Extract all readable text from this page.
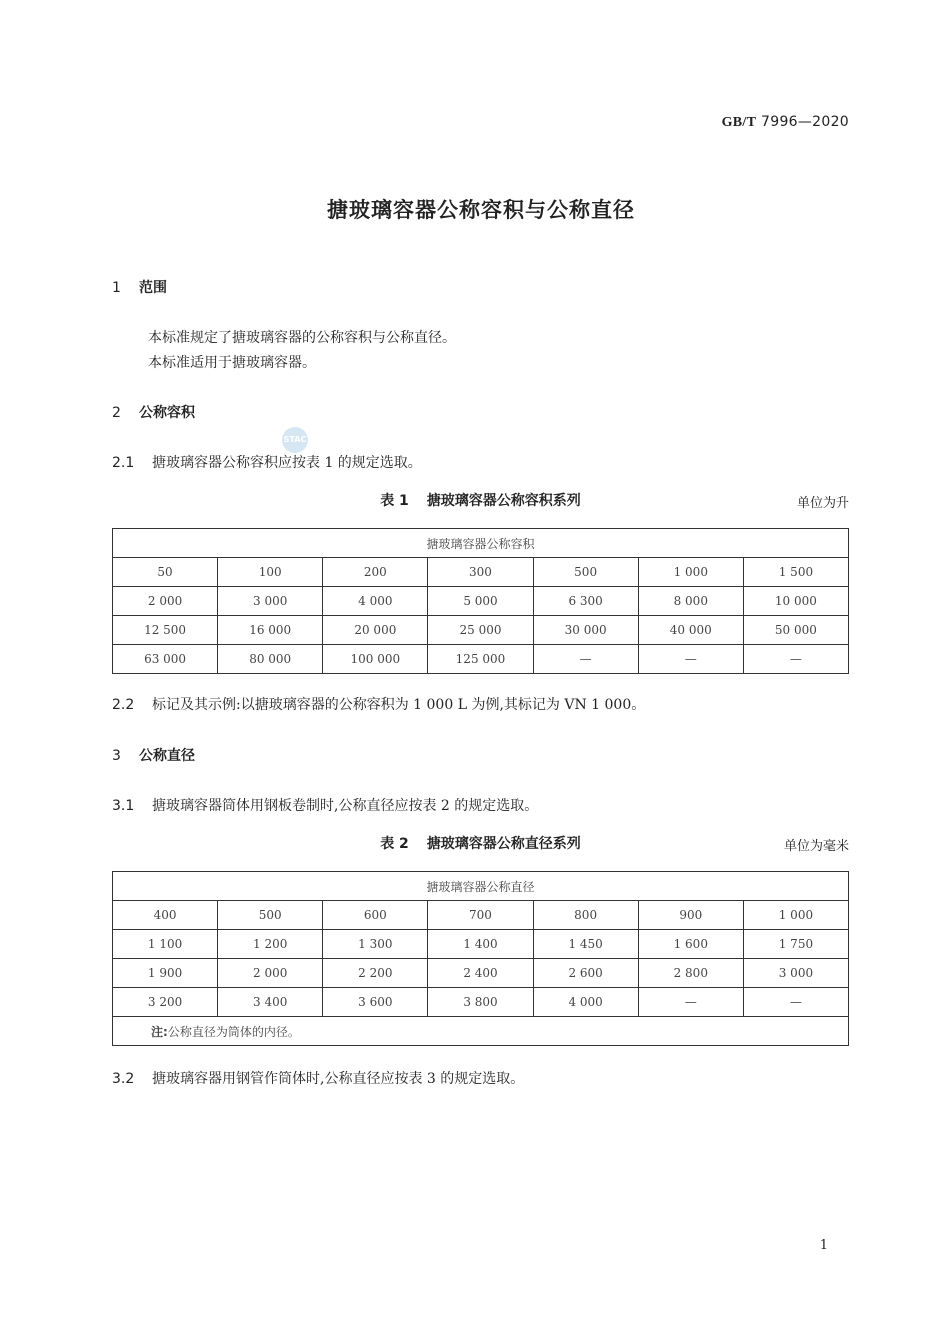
GB/T 7996—2020
搪玻璃容器公称容积与公称直径
1 范围
本标准规定了搪玻璃容器的公称容积与公称直径。
本标准适用于搪玻璃容器。
2 公称容积
STAC
2.1 搪玻璃容器公称容积应按表 1 的规定选取。
表 1 搪玻璃容器公称容积系列	单位为升
搪玻璃容器公称容积						
50	100	200	300	500	1 000	1 500
2 000	3 000	4 000	5 000	6 300	8 000	10 000
12 500	16 000	20 000	25 000	30 000	40 000	50 000
63 000	80 000	100 000	125 000	—	—	—
2.2 标记及其示例:以搪玻璃容器的公称容积为 1 000 L 为例,其标记为 VN 1 000。
3 公称直径
3.1 搪玻璃容器筒体用钢板卷制时,公称直径应按表 2 的规定选取。
表 2 搪玻璃容器公称直径系列	单位为毫米
搪玻璃容器公称直径						
400	500	600	700	800	900	1 000
1 100	1 200	1 300	1 400	1 450	1 600	1 750
1 900	2 000	2 200	2 400	2 600	2 800	3 000
3 200	3 400	3 600	3 800	4 000	—	—
注:公称直径为筒体的内径。						
3.2 搪玻璃容器用钢管作筒体时,公称直径应按表 3 的规定选取。
1
